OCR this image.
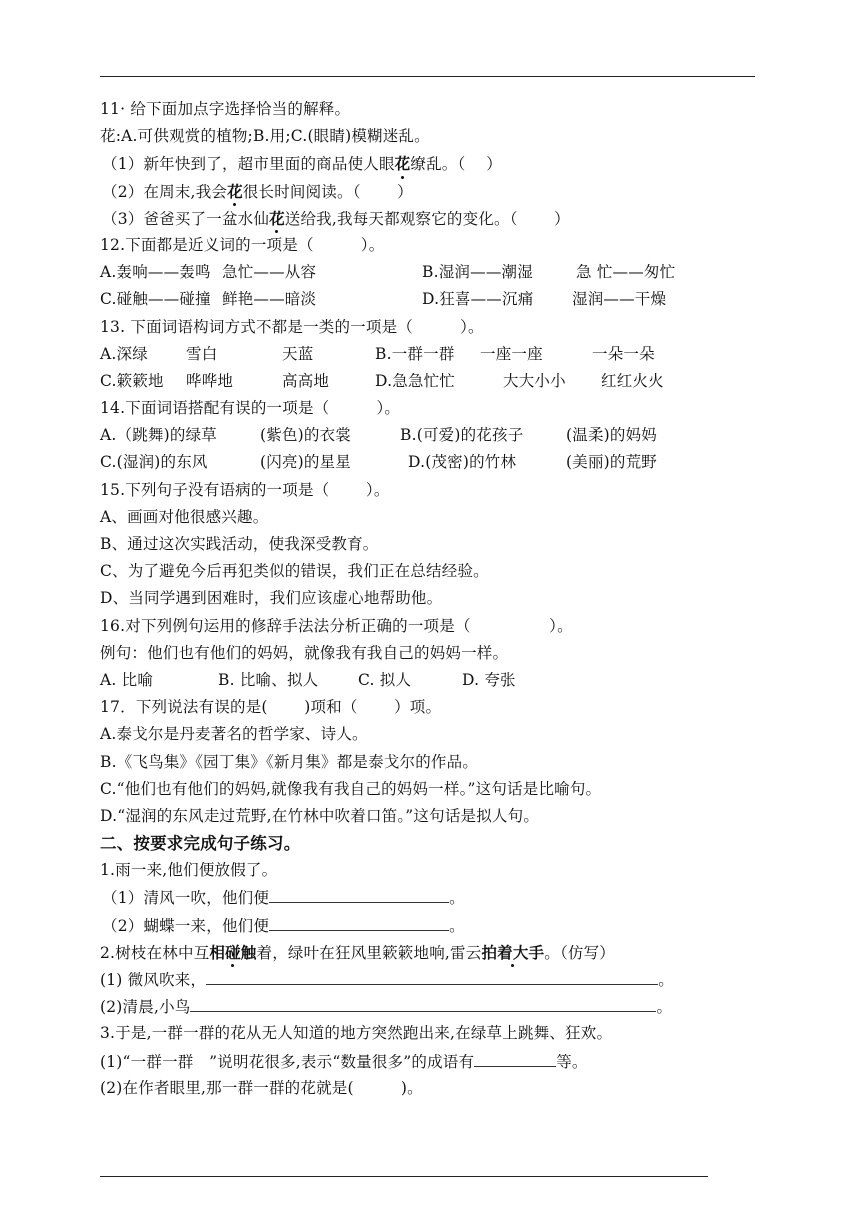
11· 给下面加点字选择恰当的解释。
花:A.可供观赏的植物;B.用;C.(眼睛)模糊迷乱。
（1）新年快到了，超市里面的商品使人眼花缭乱。（　 ）
（2）在周末,我会花很长时间阅读。（　　 ）
（3）爸爸买了一盆水仙花送给我,我每天都观察它的变化。（　　 ）
12.下面都是近义词的一项是（　　　）。
A.轰响——轰鸣 急忙——从容	B.湿润——潮湿	急 忙——匆忙
C.碰触——碰撞 鲜艳——暗淡	D.狂喜——沉痛 湿润——干燥
13. 下面词语构词方式不都是一类的一项是（　　　）。
A.深绿 雪白	天蓝	B.一群一群 一座一座	一朵一朵
C.簌簌地 哗哗地	高高地	D.急急忙忙	大大小小 红红火火
14.下面词语搭配有误的一项是（　　　）。
A.（跳舞)的绿草	(紫色)的衣裳	B.(可爱)的花孩子	(温柔)的妈妈
C.(湿润)的东风	(闪亮)的星星	D.(茂密)的竹林	(美丽)的荒野
15.下列句子没有语病的一项是（　　 ）。
A、画画对他很感兴趣。
B、通过这次实践活动，使我深受教育。
C、为了避免今后再犯类似的错误，我们正在总结经验。
D、当同学遇到困难时，我们应该虚心地帮助他。
16.对下列例句运用的修辞手法法分析正确的一项是（　　　　　）。
例句：他们也有他们的妈妈，就像我有我自己的妈妈一样。
A. 比喻	B. 比喻、拟人	C. 拟人	D. 夸张
17．下列说法有误的是(　　 )项和（　　 ）项。
A.泰戈尔是丹麦著名的哲学家、诗人。
B.《飞鸟集》《园丁集》《新月集》都是泰戈尔的作品。
C.“他们也有他们的妈妈,就像我有我自己的妈妈一样。”这句话是比喻句。
D.“湿润的东风走过荒野,在竹林中吹着口笛。”这句话是拟人句。
二、按要求完成句子练习。
1.雨一来,他们便放假了。
（1）清风一吹，他们便	。
（2）蝴蝶一来，他们便	。
2.树枝在林中互相碰触着，绿叶在狂风里簌簌地响,雷云拍着大手。（仿写）
(1) 微风吹来，	。
(2)清晨,小鸟	。
3.于是,一群一群的花从无人知道的地方突然跑出来,在绿草上跳舞、狂欢。
(1)“一群一群　”说明花很多,表示“数量很多”的成语有	等。
(2)在作者眼里,那一群一群的花就是(　　　)。
